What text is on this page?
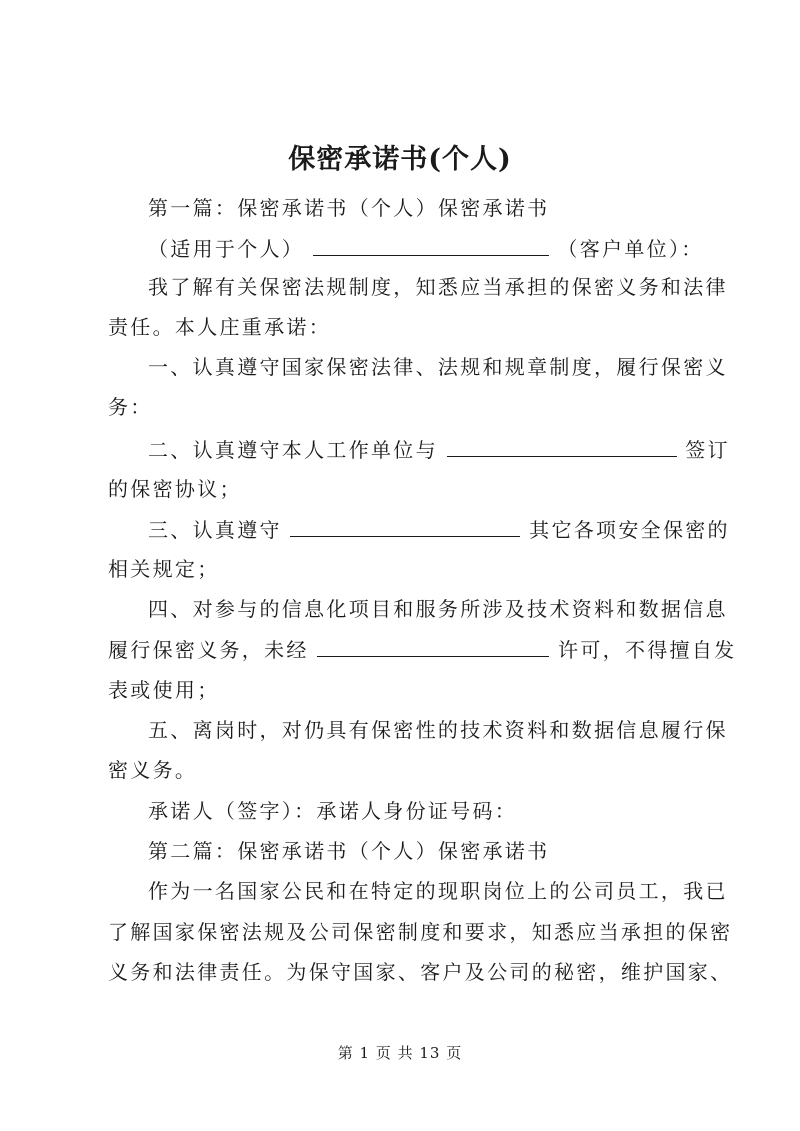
保密承诺书(个人)
第一篇：保密承诺书（个人）保密承诺书
（适用于个人）	（客户单位）：
我了解有关保密法规制度，知悉应当承担的保密义务和法律
责任。本人庄重承诺：
一、认真遵守国家保密法律、法规和规章制度，履行保密义
务：
二、认真遵守本人工作单位与	签订
的保密协议；
三、认真遵守	其它各项安全保密的
相关规定；
四、对参与的信息化项目和服务所涉及技术资料和数据信息
履行保密义务，未经	许可，不得擅自发
表或使用；
五、离岗时，对仍具有保密性的技术资料和数据信息履行保
密义务。
承诺人（签字）：承诺人身份证号码：
第二篇：保密承诺书（个人）保密承诺书
作为一名国家公民和在特定的现职岗位上的公司员工，我已
了解国家保密法规及公司保密制度和要求，知悉应当承担的保密
义务和法律责任。为保守国家、客户及公司的秘密，维护国家、
第 1 页 共 13 页
